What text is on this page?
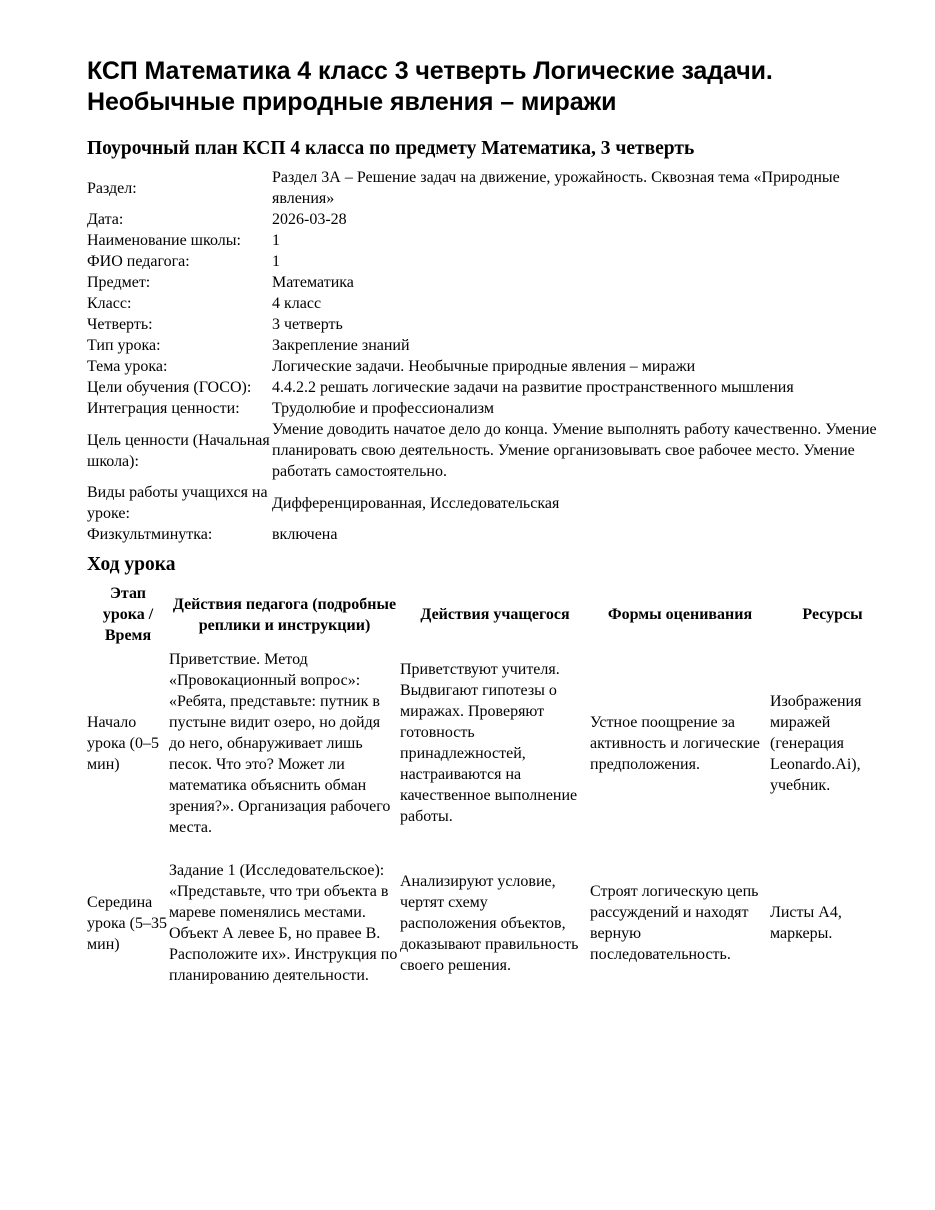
КСП Математика 4 класс 3 четверть Логические задачи. Необычные природные явления – миражи
Поурочный план КСП 4 класса по предмету Математика, 3 четверть
Раздел:	Раздел 3А – Решение задач на движение, урожайность. Сквозная тема «Природные явления»
Дата:	2026-03-28
Наименование школы:	1
ФИО педагога:	1
Предмет:	Математика
Класс:	4 класс
Четверть:	3 четверть
Тип урока:	Закрепление знаний
Тема урока:	Логические задачи. Необычные природные явления – миражи
Цели обучения (ГОСО):	4.4.2.2 решать логические задачи на развитие пространственного мышления
Интеграция ценности:	Трудолюбие и профессионализм
Цель ценности (Начальная школа):	Умение доводить начатое дело до конца. Умение выполнять работу качественно. Умение планировать свою деятельность. Умение организовывать свое рабочее место. Умение работать самостоятельно.
Виды работы учащихся на уроке:	Дифференцированная, Исследовательская
Физкультминутка:	включена
Ход урока
Этап урока / Время	Действия педагога (подробные реплики и инструкции)	Действия учащегося	Формы оценивания	Ресурсы
Начало урока (0–5 мин)	Приветствие. Метод «Провокационный вопрос»: «Ребята, представьте: путник в пустыне видит озеро, но дойдя до него, обнаруживает лишь песок. Что это? Может ли математика объяснить обман зрения?». Организация рабочего места.	Приветствуют учителя. Выдвигают гипотезы о миражах. Проверяют готовность принадлежностей, настраиваются на качественное выполнение работы.	Устное поощрение за активность и логические предположения.	Изображения миражей (генерация Leonardo.Ai), учебник.
Середина урока (5–35 мин)	Задание 1 (Исследовательское): «Представьте, что три объекта в мареве поменялись местами. Объект А левее Б, но правее В. Расположите их». Инструкция по планированию деятельности.	Анализируют условие, чертят схему расположения объектов, доказывают правильность своего решения.	Строят логическую цепь рассуждений и находят верную последовательность.	Листы А4, маркеры.
